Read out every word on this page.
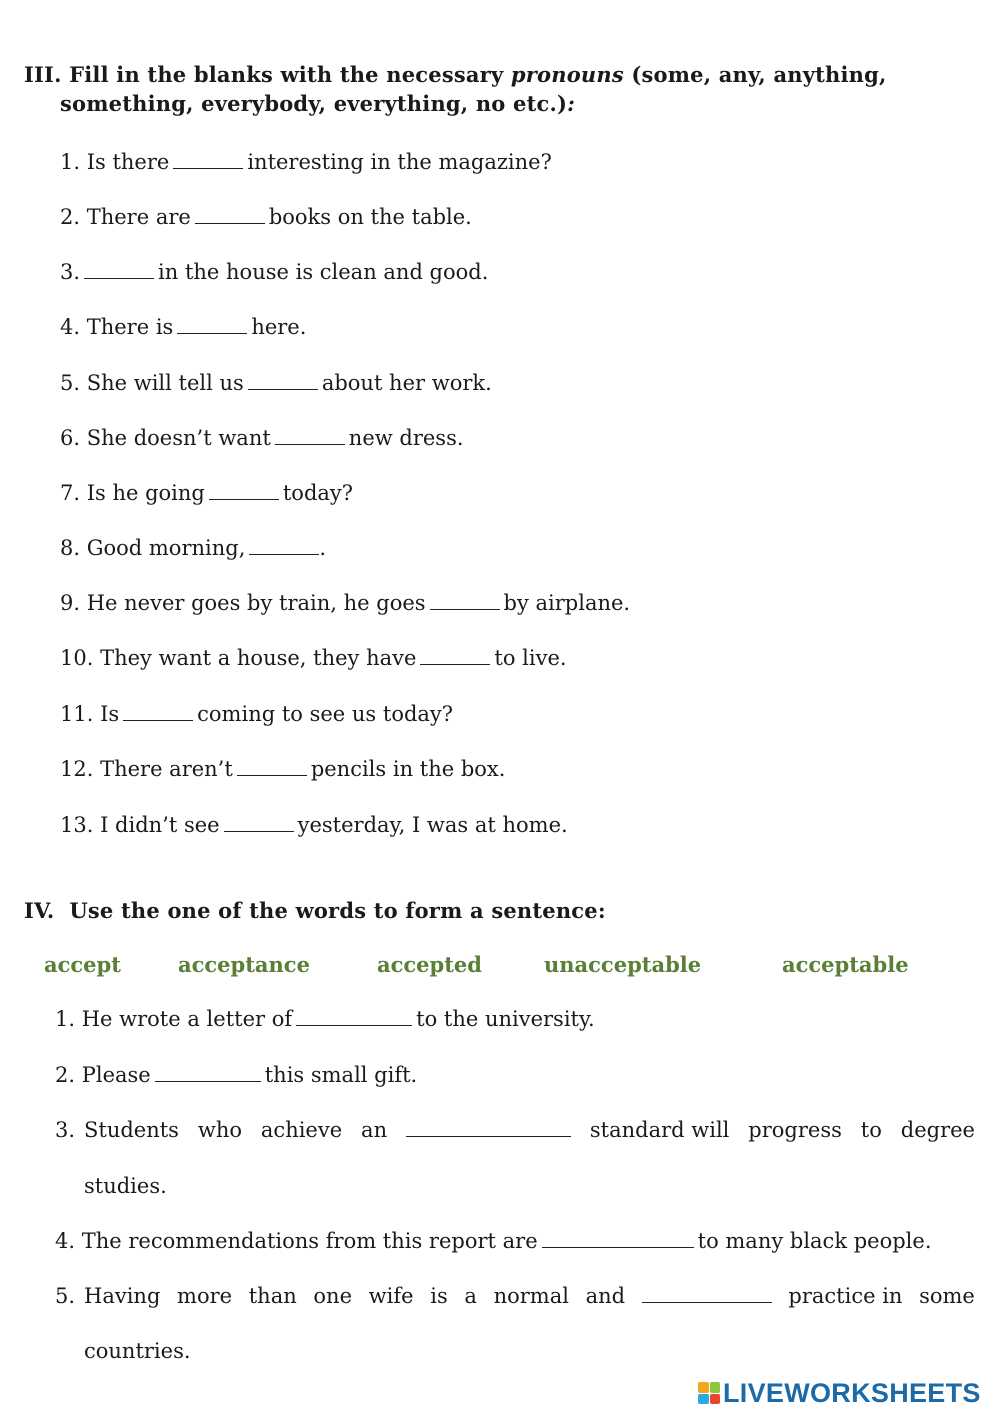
III. Fill in the blanks with the necessary pronouns (some, any, anything,
something, everybody, everything, no etc.):
1. Is there	interesting in the magazine?
2. There are	books on the table.
3.	in the house is clean and good.
4. There is	here.
5. She will tell us	about her work.
6. She doesn’t want	new dress.
7. Is he going	today?
8. Good morning,	.
9. He never goes by train, he goes	by airplane.
10. They want a house, they have	to live.
11. Is	coming to see us today?
12. There aren’t	pencils in the box.
13. I didn’t see	yesterday, I was at home.
IV. Use the one of the words to form a sentence:
accept	acceptance	accepted	unacceptable	acceptable
1. He wrote a letter of	to the university.
2. Please	this small gift.
3. Students who achieve an	standard will progress to degree
studies.
4. The recommendations from this report are	to many black people.
5. Having more than one wife is a normal and	practice in some
countries.
LIVEWORKSHEETS
